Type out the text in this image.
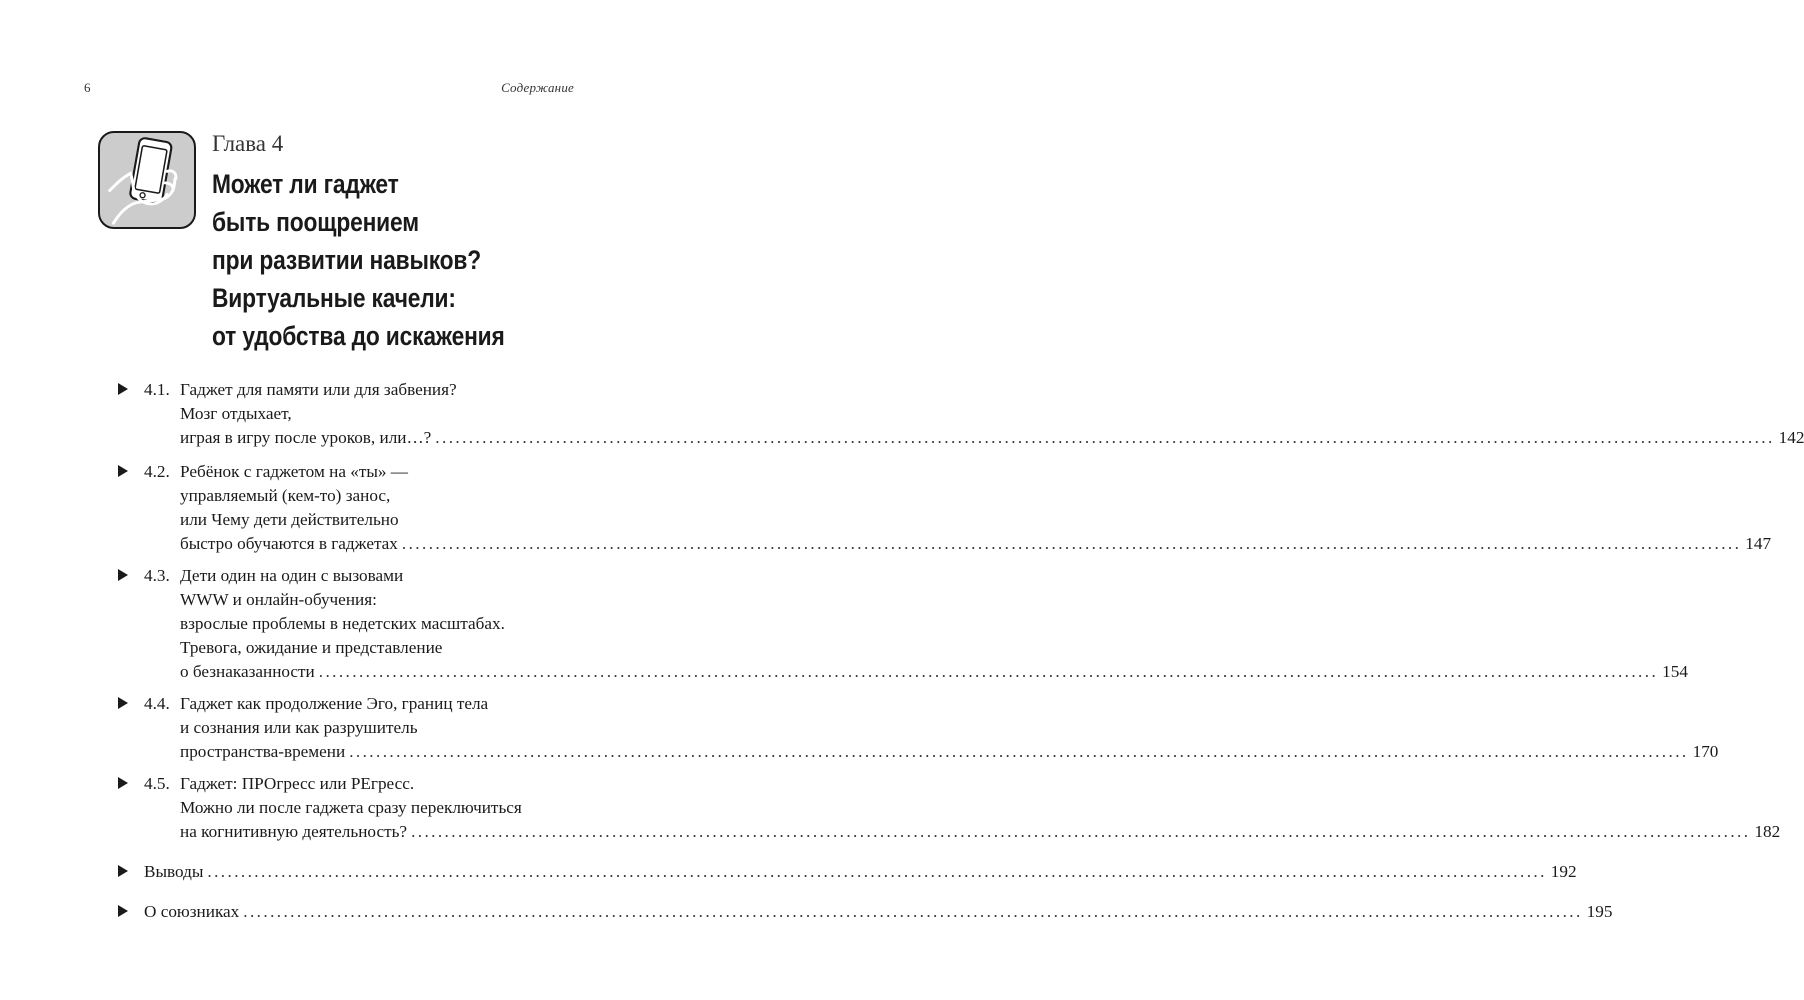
6	Содержание
Глава 4
Может ли гаджет
быть поощрением
при развитии навыков?
Виртуальные качели:
от удобства до искажения
4.1. Гаджет для памяти или для забвения?
Мозг отдыхает,
играя в игру после уроков, или…? ........................................................................................................................................................................................................ 142
4.2. Ребёнок с гаджетом на «ты» —
управляемый (кем-то) занос,
или Чему дети действительно
быстро обучаются в гаджетах ........................................................................................................................................................................................................ 147
4.3. Дети один на один с вызовами
WWW и онлайн-обучения:
взрослые проблемы в недетских масштабах.
Тревога, ожидание и представление
о безнаказанности ........................................................................................................................................................................................................ 154
4.4. Гаджет как продолжение Эго, границ тела
и сознания или как разрушитель
пространства-времени ........................................................................................................................................................................................................ 170
4.5. Гаджет: ПРОгресс или РЕгресс.
Можно ли после гаджета сразу переключиться
на когнитивную деятельность? ........................................................................................................................................................................................................ 182
Выводы ........................................................................................................................................................................................................ 192
О союзниках ........................................................................................................................................................................................................ 195
